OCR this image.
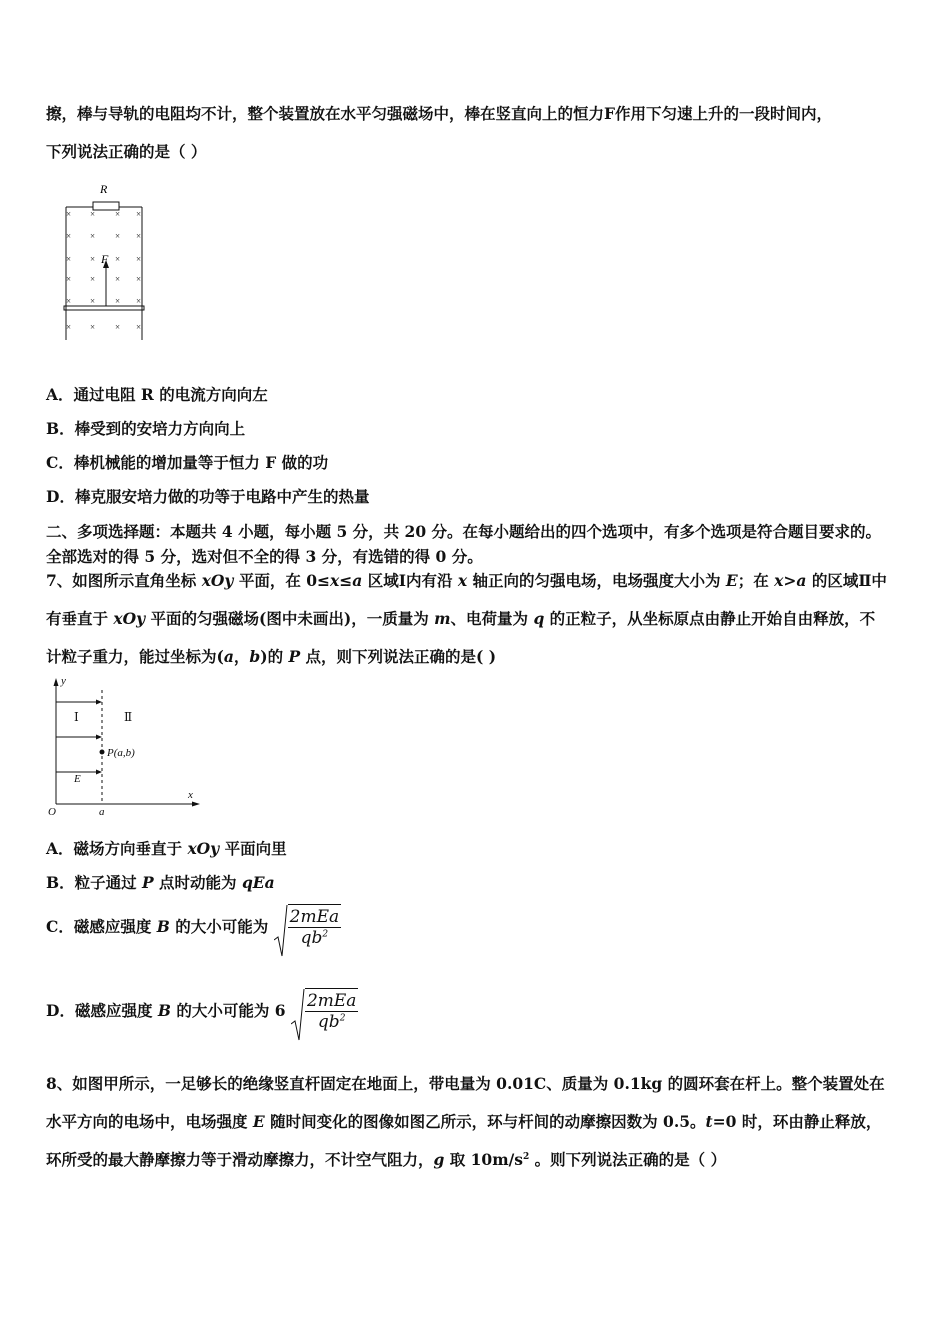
擦，棒与导轨的电阻均不计，整个装置放在水平匀强磁场中，棒在竖直向上的恒力F作用下匀速上升的一段时间内，
下列说法正确的是（ ）
R
F
× × × ×
× × × ×
× × × ×
× × × ×
× × × ×
× × × ×
A．通过电阻 R 的电流方向向左
B．棒受到的安培力方向向上
C．棒机械能的增加量等于恒力 F 做的功
D．棒克服安培力做的功等于电路中产生的热量
二、多项选择题：本题共 4 小题，每小题 5 分，共 20 分。在每小题给出的四个选项中，有多个选项是符合题目要求的。
全部选对的得 5 分，选对但不全的得 3 分，有选错的得 0 分。
7、如图所示直角坐标 xOy 平面，在 0≤x≤a 区域Ⅰ内有沿 x 轴正向的匀强电场，电场强度大小为 E；在 x>a 的区域Ⅱ中
有垂直于 xOy 平面的匀强磁场(图中未画出)，一质量为 m、电荷量为 q 的正粒子，从坐标原点由静止开始自由释放，不
计粒子重力，能过坐标为(a，b)的 P 点，则下列说法正确的是( )
y
x
O	a
E
P(a,b)
Ⅰ	Ⅱ
A．磁场方向垂直于 xOy 平面向里
B．粒子通过 P 点时动能为 qEa
C．磁感应强度 B 的大小可能为 $\frac{\text{2mEa}}{qb^2}$
D．磁感应强度 B 的大小可能为 $6 \frac{\text{2mEa}}{qb^2}$
8、如图甲所示，一足够长的绝缘竖直杆固定在地面上，带电量为 0.01C、质量为 0.1kg 的圆环套在杆上。整个装置处在
水平方向的电场中，电场强度 E 随时间变化的图像如图乙所示，环与杆间的动摩擦因数为 0.5。t=0 时，环由静止释放，
环所受的最大静摩擦力等于滑动摩擦力，不计空气阻力，g 取 $10m/s^2$ 。则下列说法正确的是（ ）
